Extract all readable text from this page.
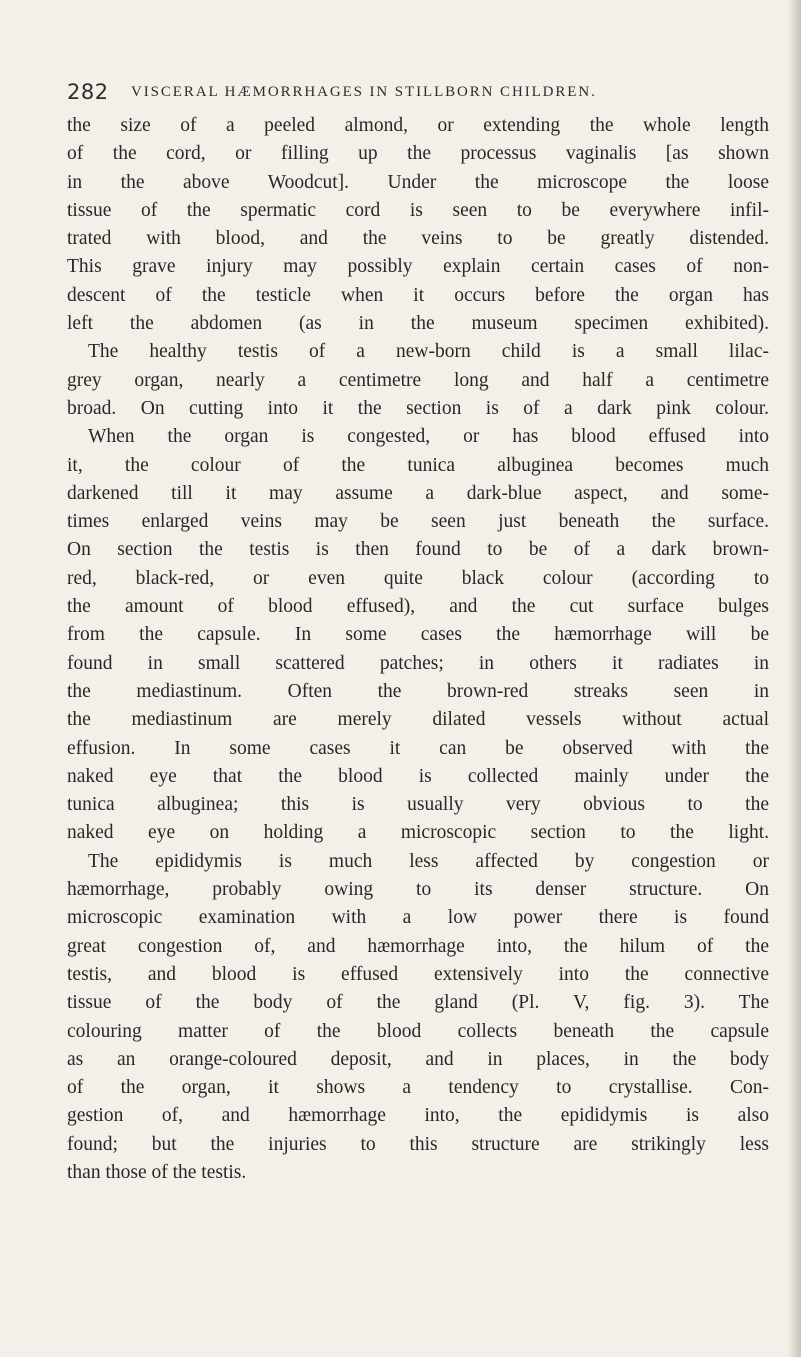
282 VISCERAL HÆMORRHAGES IN STILLBORN CHILDREN.
the size of a peeled almond, or extending the whole length
of the cord, or filling up the processus vaginalis [as shown
in the above Woodcut]. Under the microscope the loose
tissue of the spermatic cord is seen to be everywhere infil-
trated with blood, and the veins to be greatly distended.
This grave injury may possibly explain certain cases of non-
descent of the testicle when it occurs before the organ has
left the abdomen (as in the museum specimen exhibited).
The healthy testis of a new-born child is a small lilac-
grey organ, nearly a centimetre long and half a centimetre
broad. On cutting into it the section is of a dark pink colour.
When the organ is congested, or has blood effused into
it, the colour of the tunica albuginea becomes much
darkened till it may assume a dark-blue aspect, and some-
times enlarged veins may be seen just beneath the surface.
On section the testis is then found to be of a dark brown-
red, black-red, or even quite black colour (according to
the amount of blood effused), and the cut surface bulges
from the capsule. In some cases the hæmorrhage will be
found in small scattered patches; in others it radiates in
the mediastinum. Often the brown-red streaks seen in
the mediastinum are merely dilated vessels without actual
effusion. In some cases it can be observed with the
naked eye that the blood is collected mainly under the
tunica albuginea; this is usually very obvious to the
naked eye on holding a microscopic section to the light.
The epididymis is much less affected by congestion or
hæmorrhage, probably owing to its denser structure. On
microscopic examination with a low power there is found
great congestion of, and hæmorrhage into, the hilum of the
testis, and blood is effused extensively into the connective
tissue of the body of the gland (Pl. V, fig. 3). The
colouring matter of the blood collects beneath the capsule
as an orange-coloured deposit, and in places, in the body
of the organ, it shows a tendency to crystallise. Con-
gestion of, and hæmorrhage into, the epididymis is also
found; but the injuries to this structure are strikingly less
than those of the testis.
